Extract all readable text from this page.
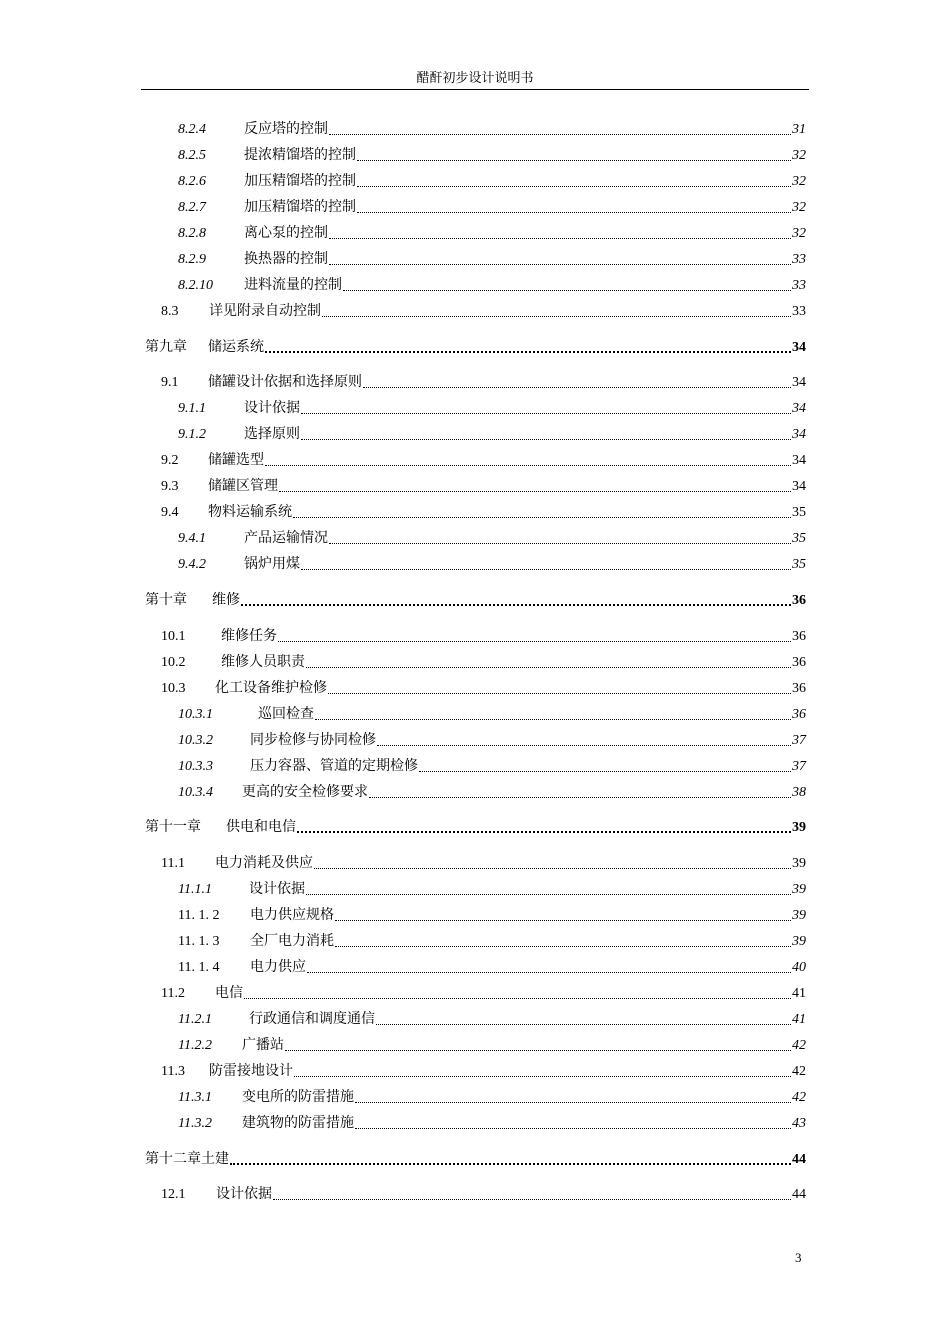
醋酐初步设计说明书
8.2.4	反应塔的控制	31
8.2.5	提浓精馏塔的控制	32
8.2.6	加压精馏塔的控制	32
8.2.7	加压精馏塔的控制	32
8.2.8	离心泵的控制	32
8.2.9	换热器的控制	33
8.2.10	进料流量的控制	33
8.3	详见附录自动控制	33
第九章	储运系统	34
9.1	储罐设计依据和选择原则	34
9.1.1	设计依据	34
9.1.2	选择原则	34
9.2	储罐选型	34
9.3	储罐区管理	34
9.4	物料运输系统	35
9.4.1	产品运输情况	35
9.4.2	锅炉用煤	35
第十章	维修	36
10.1	维修任务	36
10.2	维修人员职责	36
10.3	化工设备维护检修	36
10.3.1	巡回检查	36
10.3.2	同步检修与协同检修	37
10.3.3	压力容器、管道的定期检修	37
10.3.4	更高的安全检修要求	38
第十一章	供电和电信	39
11.1	电力消耗及供应	39
11.1.1	设计依据	39
11. 1. 2	电力供应规格	39
11. 1. 3	全厂电力消耗	39
11. 1. 4	电力供应	40
11.2	电信	41
11.2.1	行政通信和调度通信	41
11.2.2	广播站	42
11.3	防雷接地设计	42
11.3.1	变电所的防雷措施	42
11.3.2	建筑物的防雷措施	43
第十二章土建	44
12.1	设计依据	44
3
